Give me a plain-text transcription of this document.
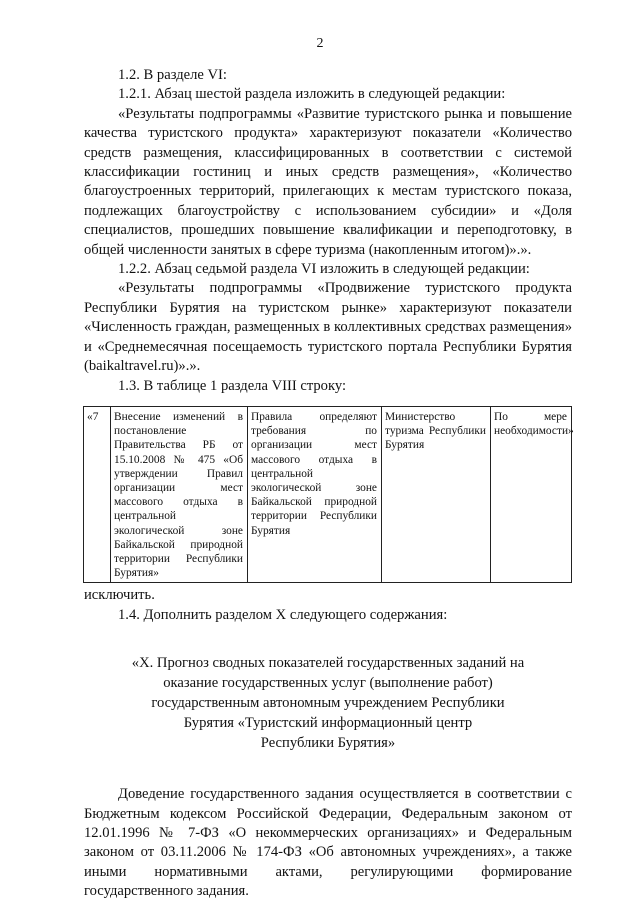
2

1.2. В разделе VI:

1.2.1. Абзац шестой раздела изложить в следующей редакции:

«Результаты подпрограммы «Развитие туристского рынка и повышение качества туристского продукта» характеризуют показатели «Количество средств размещения, классифицированных в соответствии с системой классификации гостиниц и иных средств размещения», «Количество благоустроенных территорий, прилегающих к местам туристского показа, подлежащих благоустройству с использованием субсидии» и «Доля специалистов, прошедших повышение квалификации и переподготовку, в общей численности занятых в сфере туризма (накопленным итогом)».».

1.2.2. Абзац седьмой раздела VI изложить в следующей редакции:

«Результаты подпрограммы «Продвижение туристского продукта Республики Бурятия на туристском рынке» характеризуют показатели «Численность граждан, размещенных в коллективных средствах размещения» и «Среднемесячная посещаемость туристского портала Республики Бурятия (baikaltravel.ru)».».

1.3. В таблице 1 раздела VIII строку:

«7	Внесение изменений в постановление Правительства РБ от 15.10.2008 № 475 «Об утверждении Правил организации мест массового отдыха в центральной экологической зоне Байкальской природной территории Республики Бурятия»	Правила определяют требования по организации мест массового отдыха в центральной экологической зоне Байкальской природной территории Республики Бурятия	Министерство туризма Республики Бурятия	По мере необходимости»

исключить.

1.4. Дополнить разделом X следующего содержания:

«X. Прогноз сводных показателей государственных заданий на
оказание государственных услуг (выполнение работ)
государственным автономным учреждением Республики
Бурятия «Туристский информационный центр
Республики Бурятия»

Доведение государственного задания осуществляется в соответствии с Бюджетным кодексом Российской Федерации, Федеральным законом от 12.01.1996 № 7-ФЗ «О некоммерческих организациях» и Федеральным законом от 03.11.2006 № 174-ФЗ «Об автономных учреждениях», а также иными нормативными актами, регулирующими формирование государственного задания.
